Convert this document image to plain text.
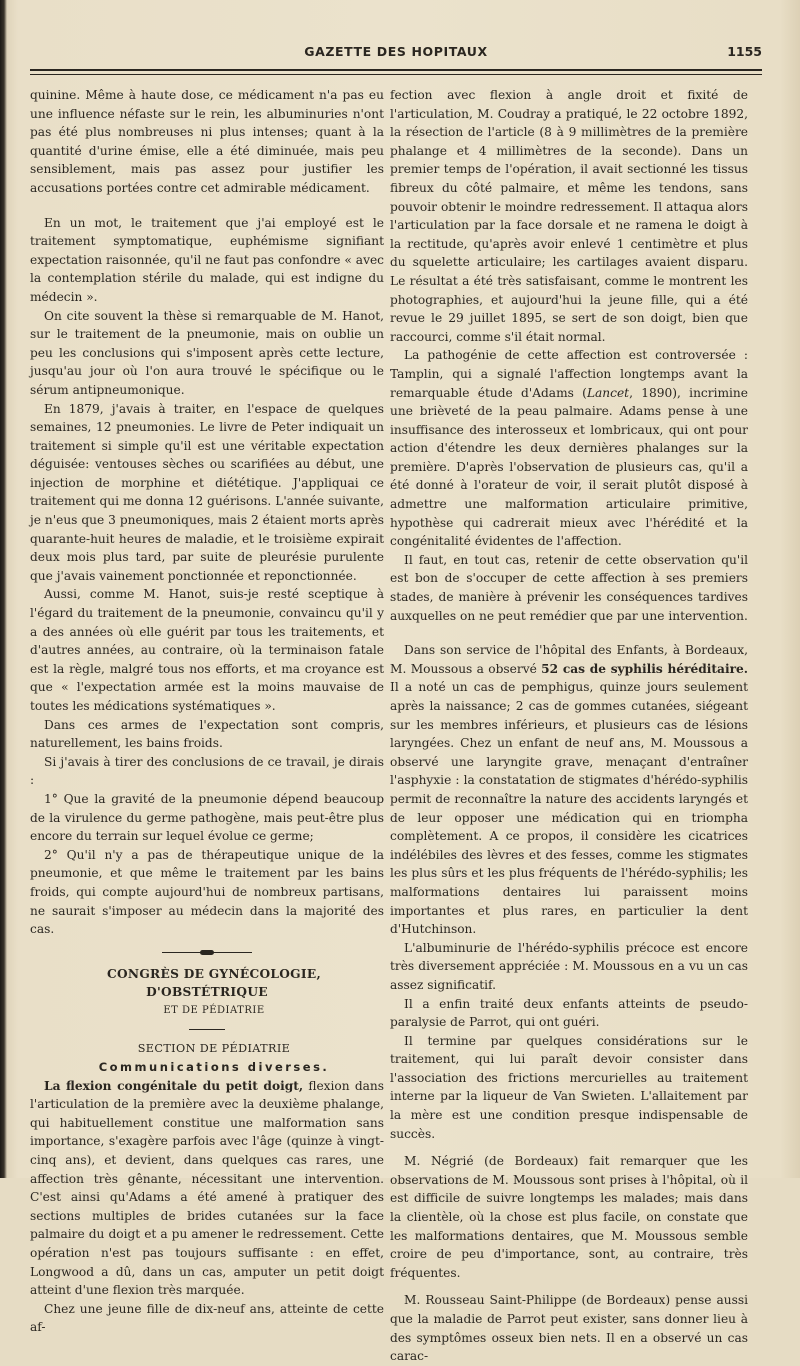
GAZETTE DES HOPITAUX	1155

quinine. Même à haute dose, ce médicament n'a pas eu une influence néfaste sur le rein, les albuminuries n'ont pas été plus nombreuses ni plus intenses; quant à la quantité d'urine émise, elle a été diminuée, mais peu sensiblement, mais pas assez pour justifier les accusations portées contre cet admirable médicament.

En un mot, le traitement que j'ai employé est le traitement symptomatique, euphémisme signifiant expectation raisonnée, qu'il ne faut pas confondre « avec la contemplation stérile du malade, qui est indigne du médecin ».

On cite souvent la thèse si remarquable de M. Hanot, sur le traitement de la pneumonie, mais on oublie un peu les conclusions qui s'imposent après cette lecture, jusqu'au jour où l'on aura trouvé le spécifique ou le sérum antipneumonique.

En 1879, j'avais à traiter, en l'espace de quelques semaines, 12 pneumonies. Le livre de Peter indiquait un traitement si simple qu'il est une véritable expectation déguisée: ventouses sèches ou scarifiées au début, une injection de morphine et diététique. J'appliquai ce traitement qui me donna 12 guérisons. L'année suivante, je n'eus que 3 pneumoniques, mais 2 étaient morts après quarante-huit heures de maladie, et le troisième expirait deux mois plus tard, par suite de pleurésie purulente que j'avais vainement ponctionnée et reponctionnée.

Aussi, comme M. Hanot, suis-je resté sceptique à l'égard du traitement de la pneumonie, convaincu qu'il y a des années où elle guérit par tous les traitements, et d'autres années, au contraire, où la terminaison fatale est la règle, malgré tous nos efforts, et ma croyance est que « l'expectation armée est la moins mauvaise de toutes les médications systématiques ».

Dans ces armes de l'expectation sont compris, naturellement, les bains froids.

Si j'avais à tirer des conclusions de ce travail, je dirais :

1° Que la gravité de la pneumonie dépend beaucoup de la virulence du germe pathogène, mais peut-être plus encore du terrain sur lequel évolue ce germe;

2° Qu'il n'y a pas de thérapeutique unique de la pneumonie, et que même le traitement par les bains froids, qui compte aujourd'hui de nombreux partisans, ne saurait s'imposer au médecin dans la majorité des cas.

CONGRÈS DE GYNÉCOLOGIE, D'OBSTÉTRIQUE

ET DE PÉDIATRIE

SECTION DE PÉDIATRIE

Communications diverses.

La flexion congénitale du petit doigt, flexion dans l'articulation de la première avec la deuxième phalange, qui habituellement constitue une malformation sans importance, s'exagère parfois avec l'âge (quinze à vingt-cinq ans), et devient, dans quelques cas rares, une affection très gênante, nécessitant une intervention. C'est ainsi qu'Adams a été amené à pratiquer des sections multiples de brides cutanées sur la face palmaire du doigt et a pu amener le redressement. Cette opération n'est pas toujours suffisante : en effet, Longwood a dû, dans un cas, amputer un petit doigt atteint d'une flexion très marquée.

Chez une jeune fille de dix-neuf ans, atteinte de cette af-

fection avec flexion à angle droit et fixité de l'articulation, M. Coudray a pratiqué, le 22 octobre 1892, la résection de l'article (8 à 9 millimètres de la première phalange et 4 millimètres de la seconde). Dans un premier temps de l'opération, il avait sectionné les tissus fibreux du côté palmaire, et même les tendons, sans pouvoir obtenir le moindre redressement. Il attaqua alors l'articulation par la face dorsale et ne ramena le doigt à la rectitude, qu'après avoir enlevé 1 centimètre et plus du squelette articulaire; les cartilages avaient disparu. Le résultat a été très satisfaisant, comme le montrent les photographies, et aujourd'hui la jeune fille, qui a été revue le 29 juillet 1895, se sert de son doigt, bien que raccourci, comme s'il était normal.

La pathogénie de cette affection est controversée : Tamplin, qui a signalé l'affection longtemps avant la remarquable étude d'Adams (Lancet, 1890), incrimine une brièveté de la peau palmaire. Adams pense à une insuffisance des interosseux et lombricaux, qui ont pour action d'étendre les deux dernières phalanges sur la première. D'après l'observation de plusieurs cas, qu'il a été donné à l'orateur de voir, il serait plutôt disposé à admettre une malformation articulaire primitive, hypothèse qui cadrerait mieux avec l'hérédité et la congénitalité évidentes de l'affection.

Il faut, en tout cas, retenir de cette observation qu'il est bon de s'occuper de cette affection à ses premiers stades, de manière à prévenir les conséquences tardives auxquelles on ne peut remédier que par une intervention.

Dans son service de l'hôpital des Enfants, à Bordeaux, M. Moussous a observé 52 cas de syphilis héréditaire. Il a noté un cas de pemphigus, quinze jours seulement après la naissance; 2 cas de gommes cutanées, siégeant sur les membres inférieurs, et plusieurs cas de lésions laryngées. Chez un enfant de neuf ans, M. Moussous a observé une laryngite grave, menaçant d'entraîner l'asphyxie : la constatation de stigmates d'hérédo-syphilis permit de reconnaître la nature des accidents laryngés et de leur opposer une médication qui en triompha complètement. A ce propos, il considère les cicatrices indélébiles des lèvres et des fesses, comme les stigmates les plus sûrs et les plus fréquents de l'hérédo-syphilis; les malformations dentaires lui paraissent moins importantes et plus rares, en particulier la dent d'Hutchinson.

L'albuminurie de l'hérédo-syphilis précoce est encore très diversement appréciée : M. Moussous en a vu un cas assez significatif.

Il a enfin traité deux enfants atteints de pseudo-paralysie de Parrot, qui ont guéri.

Il termine par quelques considérations sur le traitement, qui lui paraît devoir consister dans l'association des frictions mercurielles au traitement interne par la liqueur de Van Swieten. L'allaitement par la mère est une condition presque indispensable de succès.

M. Négrié (de Bordeaux) fait remarquer que les observations de M. Moussous sont prises à l'hôpital, où il est difficile de suivre longtemps les malades; mais dans la clientèle, où la chose est plus facile, on constate que les malformations dentaires, que M. Moussous semble croire de peu d'importance, sont, au contraire, très fréquentes.

M. Rousseau Saint-Philippe (de Bordeaux) pense aussi que la maladie de Parrot peut exister, sans donner lieu à des symptômes osseux bien nets. Il en a observé un cas carac-
